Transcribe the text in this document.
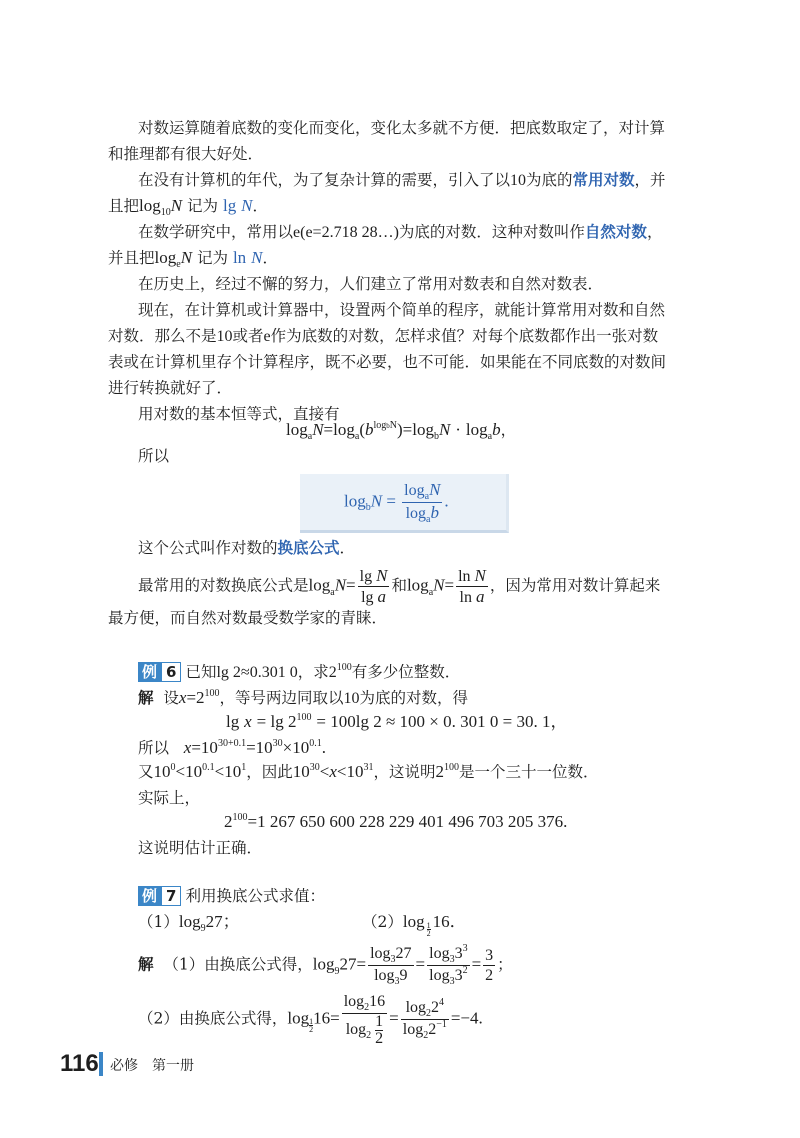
对数运算随着底数的变化而变化，变化太多就不方便．把底数取定了，对计算
和推理都有很大好处．
在没有计算机的年代，为了复杂计算的需要，引入了以10为底的常用对数，并
且把$\log_{10}N$ 记为 lg N．
在数学研究中，常用以e(e=2.718 28…)为底的对数．这种对数叫作自然对数，
并且把$\log_eN$ 记为 ln N．
在历史上，经过不懈的努力，人们建立了常用对数表和自然对数表．
现在，在计算机或计算器中，设置两个简单的程序，就能计算常用对数和自然
对数．那么不是10或者e作为底数的对数，怎样求值？对每个底数都作出一张对数
表或在计算机里存个计算程序，既不必要，也不可能．如果能在不同底数的对数间
进行转换就好了．
用对数的基本恒等式，直接有
$\log_aN=\log_a(b^{logbN})=\log_bN \cdot \log_ab$，
所以
$\log_bN = \frac{\log_aN}{\log_ab}$ .
这个公式叫作对数的换底公式．
最常用的对数换底公式是$\log_aN= \frac{\text{lg N}}{\text{lg a}}$ 和$\log_aN= \frac{\text{ln N}}{\text{ln a}}$ ，因为常用对数计算起来
最方便，而自然对数最受数学家的青睐．
例 6 已知lg 2≈0.301 0，求$2^{100}$有多少位整数．
解 设$x=2^{100}$，等号两边同取以10为底的对数，得
$\lg x = \lg 2^{100} = 100\lg$ 2 ≈ 100 × 0. 301 0 = 30. 1，
所以 $x=10^{30+0.1}=10^{30}\times 10^{0.1}$.
又$10^0<10^{0.1}<10^1$，因此$10^{30}<x<10^{31}$，这说明$2^{100}$是一个三十一位数．
实际上，
$2^{100}=1$ 267 650 600 228 229 401 496 703 205 376.
这说明估计正确．
例 7 利用换底公式求值：
$(1)\log_927$；	（2）log $_{\frac{1}{2}}$ 16．
解 （1）由换底公式得，$\log_927= \frac{\log_327}{\log_39} = \frac{\log_33^3}{\log_33^2} = \frac{3}{2}$ ；
（2）由换底公式得，log $_{\frac{1}{2}}$ $16= \frac{\log_216}{\log_2 \frac{1}{2}} = \frac{\log_22^4}{\log_22^{-1}} =-4$.
116 必修　第一册
